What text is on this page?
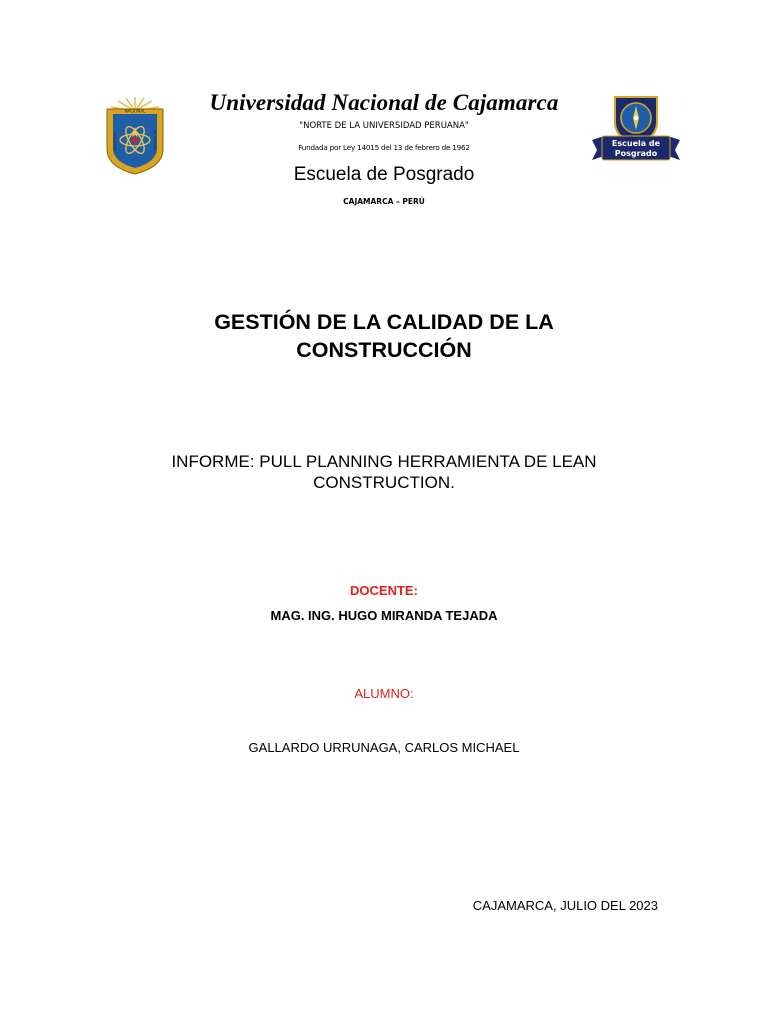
NACIONAL
UNIVERSIDAD	DE CAJAMARCA	Escuela de
Posgrado
Universidad Nacional de Cajamarca
"NORTE DE LA UNIVERSIDAD PERUANA"
Fundada por Ley 14015 del 13 de febrero de 1962
Escuela de Posgrado
CAJAMARCA – PERÚ
GESTIÓN DE LA CALIDAD DE LA
CONSTRUCCIÓN
INFORME: PULL PLANNING HERRAMIENTA DE LEAN
CONSTRUCTION.
DOCENTE:
MAG. ING. HUGO MIRANDA TEJADA
ALUMNO:
GALLARDO URRUNAGA, CARLOS MICHAEL
CAJAMARCA, JULIO DEL 2023
